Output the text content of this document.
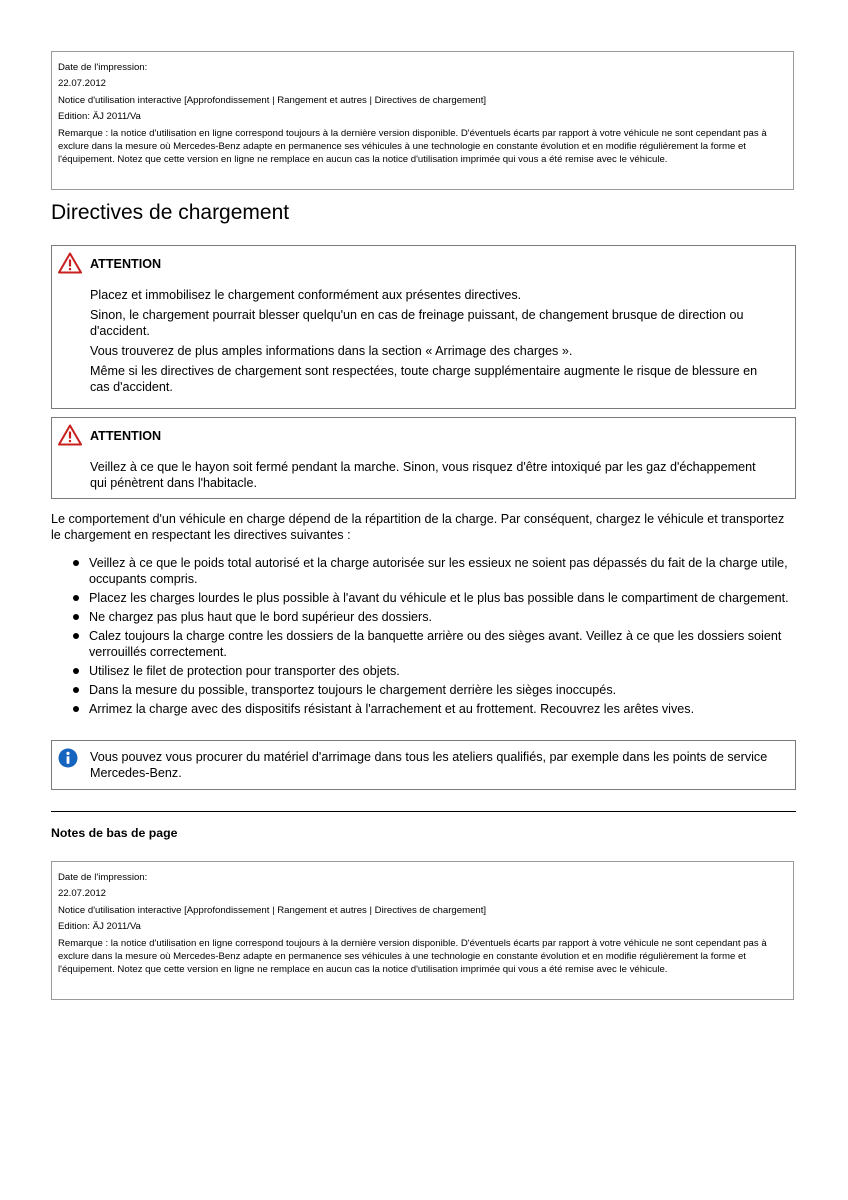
Date de l'impression:
22.07.2012
Notice d'utilisation interactive [Approfondissement | Rangement et autres | Directives de chargement]
Edition: ÄJ 2011/Va
Remarque : la notice d'utilisation en ligne correspond toujours à la dernière version disponible. D'éventuels écarts par rapport à votre véhicule ne sont cependant pas à exclure dans la mesure où Mercedes-Benz adapte en permanence ses véhicules à une technologie en constante évolution et en modifie régulièrement la forme et l'équipement. Notez que cette version en ligne ne remplace en aucun cas la notice d'utilisation imprimée qui vous a été remise avec le véhicule.
Directives de chargement
ATTENTION

Placez et immobilisez le chargement conformément aux présentes directives.

Sinon, le chargement pourrait blesser quelqu'un en cas de freinage puissant, de changement brusque de direction ou d'accident.

Vous trouverez de plus amples informations dans la section « Arrimage des charges ».

Même si les directives de chargement sont respectées, toute charge supplémentaire augmente le risque de blessure en cas d'accident.

ATTENTION

Veillez à ce que le hayon soit fermé pendant la marche. Sinon, vous risquez d'être intoxiqué par les gaz d'échappement qui pénètrent dans l'habitacle.

Le comportement d'un véhicule en charge dépend de la répartition de la charge. Par conséquent, chargez le véhicule et transportez le chargement en respectant les directives suivantes :

Veillez à ce que le poids total autorisé et la charge autorisée sur les essieux ne soient pas dépassés du fait de la charge utile, occupants compris.
Placez les charges lourdes le plus possible à l'avant du véhicule et le plus bas possible dans le compartiment de chargement.
Ne chargez pas plus haut que le bord supérieur des dossiers.
Calez toujours la charge contre les dossiers de la banquette arrière ou des sièges avant. Veillez à ce que les dossiers soient verrouillés correctement.
Utilisez le filet de protection pour transporter des objets.
Dans la mesure du possible, transportez toujours le chargement derrière les sièges inoccupés.
Arrimez la charge avec des dispositifs résistant à l'arrachement et au frottement. Recouvrez les arêtes vives.
Vous pouvez vous procurer du matériel d'arrimage dans tous les ateliers qualifiés, par exemple dans les points de service Mercedes-Benz.
Notes de bas de page
Date de l'impression:
22.07.2012
Notice d'utilisation interactive [Approfondissement | Rangement et autres | Directives de chargement]
Edition: ÄJ 2011/Va
Remarque : la notice d'utilisation en ligne correspond toujours à la dernière version disponible. D'éventuels écarts par rapport à votre véhicule ne sont cependant pas à exclure dans la mesure où Mercedes-Benz adapte en permanence ses véhicules à une technologie en constante évolution et en modifie régulièrement la forme et l'équipement. Notez que cette version en ligne ne remplace en aucun cas la notice d'utilisation imprimée qui vous a été remise avec le véhicule.
